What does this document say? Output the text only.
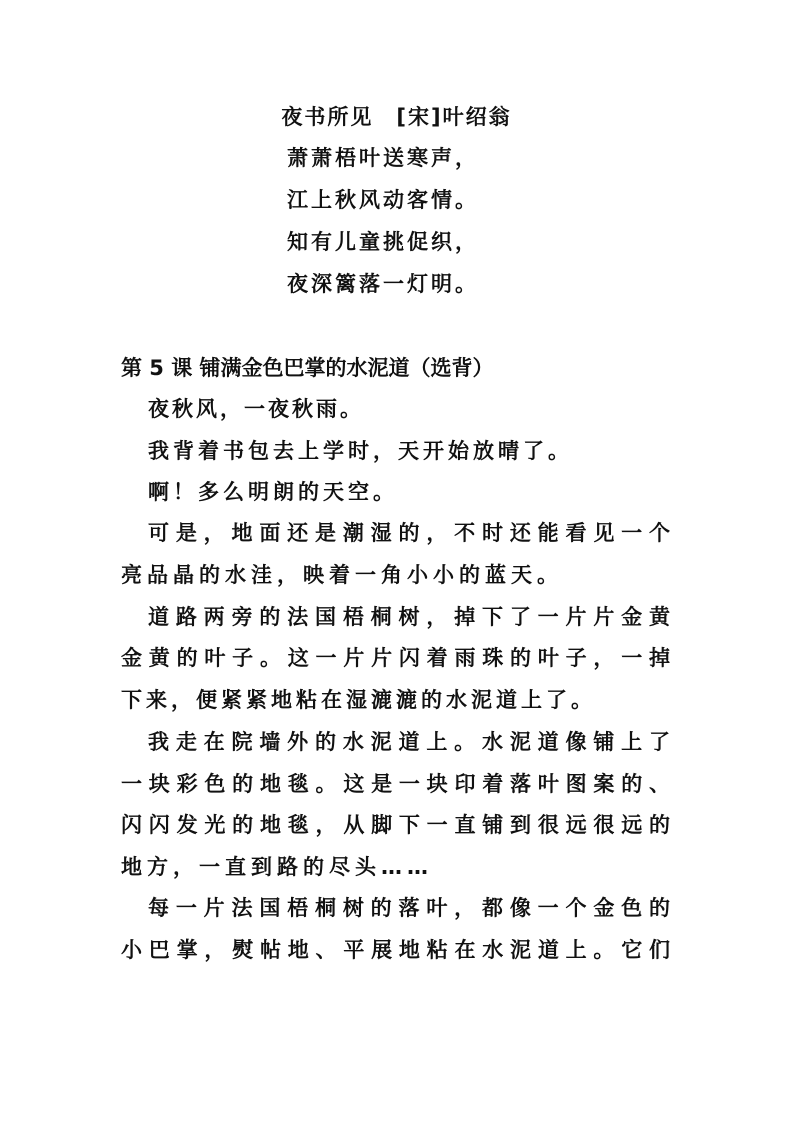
夜书所见　[宋]叶绍翁
萧萧梧叶送寒声，
江上秋风动客情。
知有儿童挑促织，
夜深篱落一灯明。
第 5 课 铺满金色巴掌的水泥道（选背）
夜秋风，一夜秋雨。
我背着书包去上学时，天开始放晴了。
啊！多么明朗的天空。
可是，地面还是潮湿的，不时还能看见一个
亮品晶的水洼，映着一角小小的蓝天。
道路两旁的法国梧桐树，掉下了一片片金黄
金黄的叶子。这一片片闪着雨珠的叶子，一掉
下来，便紧紧地粘在湿漉漉的水泥道上了。
我走在院墙外的水泥道上。水泥道像铺上了
一块彩色的地毯。这是一块印着落叶图案的、
闪闪发光的地毯，从脚下一直铺到很远很远的
地方，一直到路的尽头……
每一片法国梧桐树的落叶，都像一个金色的
小巴掌，熨帖地、平展地粘在水泥道上。它们
